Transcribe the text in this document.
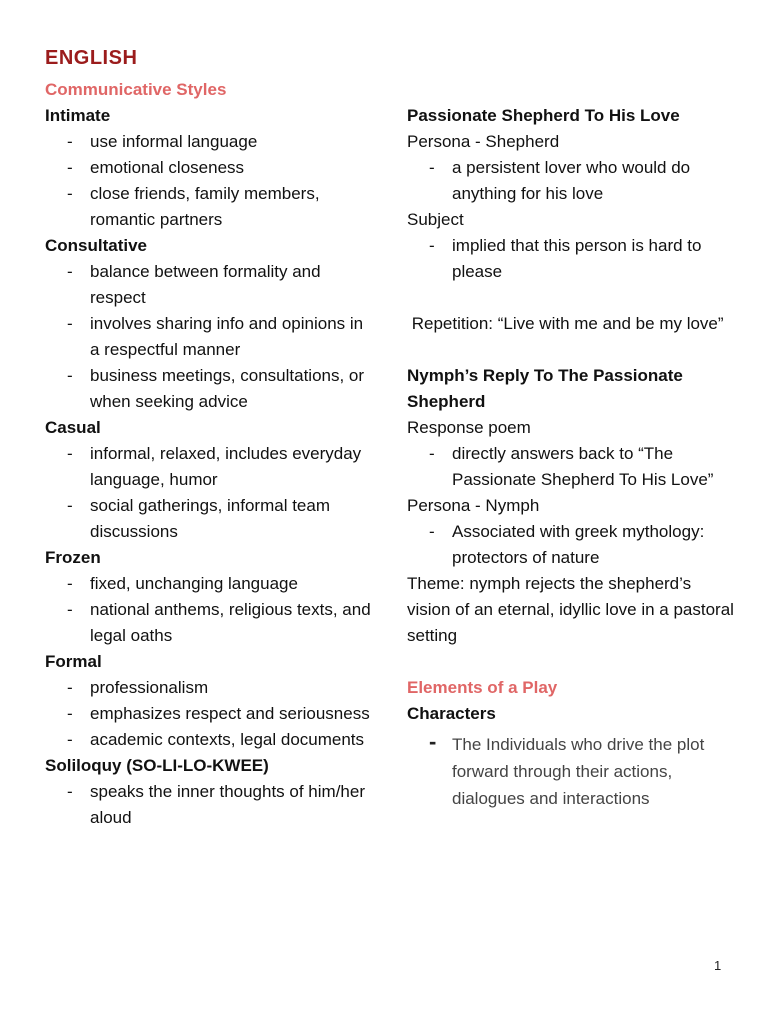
ENGLISH
Communicative Styles
Intimate
- use informal language
- emotional closeness
- close friends, family members, romantic partners
Consultative
- balance between formality and respect
- involves sharing info and opinions in a respectful manner
- business meetings, consultations, or when seeking advice
Casual
- informal, relaxed, includes everyday language, humor
- social gatherings, informal team discussions
Frozen
- fixed, unchanging language
- national anthems, religious texts, and legal oaths
Formal
- professionalism
- emphasizes respect and seriousness
- academic contexts, legal documents
Soliloquy (SO-LI-LO-KWEE)
- speaks the inner thoughts of him/her aloud
Passionate Shepherd To His Love
Persona - Shepherd
- a persistent lover who would do anything for his love
Subject
- implied that this person is hard to please
Repetition: “Live with me and be my love”
Nymph’s Reply To The Passionate Shepherd
Response poem
- directly answers back to “The Passionate Shepherd To His Love”
Persona - Nymph
- Associated with greek mythology: protectors of nature
Theme: nymph rejects the shepherd’s vision of an eternal, idyllic love in a pastoral setting
Elements of a Play
Characters
- The Individuals who drive the plot forward through their actions, dialogues and interactions
1
